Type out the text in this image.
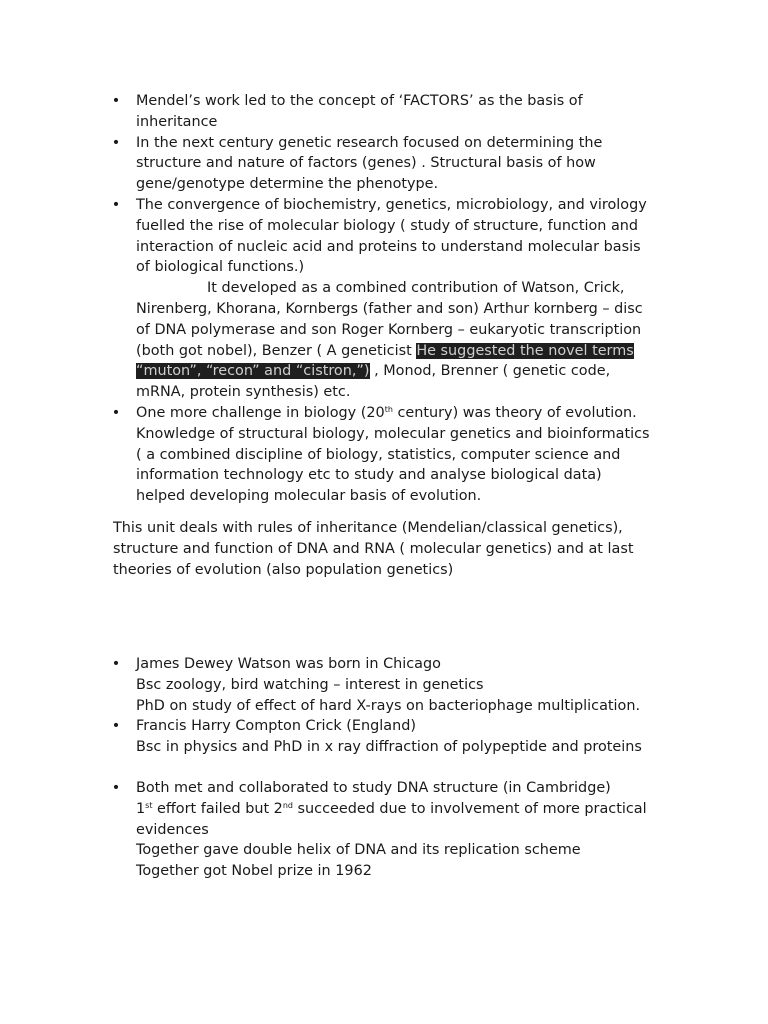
• Mendel’s work led to the concept of ‘FACTORS’ as the basis of
inheritance
• In the next century genetic research focused on determining the
structure and nature of factors (genes) . Structural basis of how
gene/genotype determine the phenotype.
• The convergence of biochemistry, genetics, microbiology, and virology
fuelled the rise of molecular biology ( study of structure, function and
interaction of nucleic acid and proteins to understand molecular basis
of biological functions.)
It developed as a combined contribution of Watson, Crick,
Nirenberg, Khorana, Kornbergs (father and son) Arthur kornberg – disc
of DNA polymerase and son Roger Kornberg – eukaryotic transcription
(both got nobel), Benzer ( A geneticist He suggested the novel terms
“muton”, “recon” and “cistron,”) , Monod, Brenner ( genetic code,
mRNA, protein synthesis) etc.
• One more challenge in biology (20th century) was theory of evolution.
Knowledge of structural biology, molecular genetics and bioinformatics
( a combined discipline of biology, statistics, computer science and
information technology etc to study and analyse biological data)
helped developing molecular basis of evolution.
This unit deals with rules of inheritance (Mendelian/classical genetics),
structure and function of DNA and RNA ( molecular genetics) and at last
theories of evolution (also population genetics)
• James Dewey Watson was born in Chicago
Bsc zoology, bird watching – interest in genetics
PhD on study of effect of hard X-rays on bacteriophage multiplication.
• Francis Harry Compton Crick (England)
Bsc in physics and PhD in x ray diffraction of polypeptide and proteins
• Both met and collaborated to study DNA structure (in Cambridge)
1st effort failed but 2nd succeeded due to involvement of more practical
evidences
Together gave double helix of DNA and its replication scheme
Together got Nobel prize in 1962
